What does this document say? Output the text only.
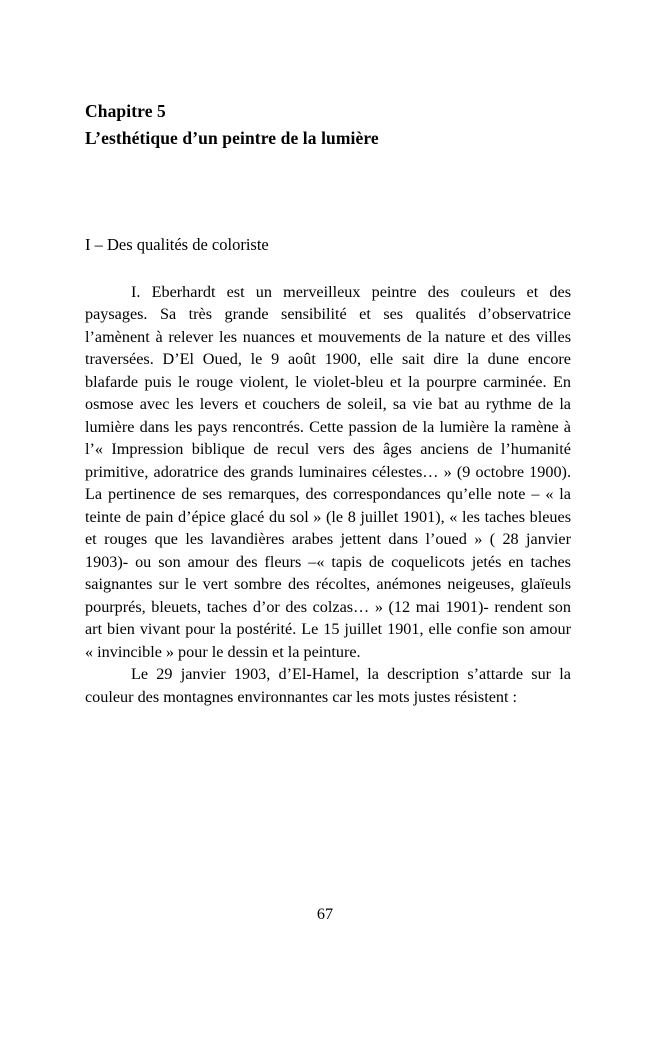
Chapitre 5
L’esthétique d’un peintre de la lumière
I – Des qualités de coloriste

I. Eberhardt est un merveilleux peintre des couleurs et des paysages. Sa très grande sensibilité et ses qualités d’observatrice l’amènent à relever les nuances et mouvements de la nature et des villes traversées. D’El Oued, le 9 août 1900, elle sait dire la dune encore blafarde puis le rouge violent, le violet-bleu et la pourpre carminée. En osmose avec les levers et couchers de soleil, sa vie bat au rythme de la lumière dans les pays rencontrés. Cette passion de la lumière la ramène à l’« Impression biblique de recul vers des âges anciens de l’humanité primitive, adoratrice des grands luminaires célestes… » (9 octobre 1900). La pertinence de ses remarques, des correspondances qu’elle note – « la teinte de pain d’épice glacé du sol » (le 8 juillet 1901), « les taches bleues et rouges que les lavandières arabes jettent dans l’oued » ( 28 janvier 1903)- ou son amour des fleurs –« tapis de coquelicots jetés en taches saignantes sur le vert sombre des récoltes, anémones neigeuses, glaïeuls pourprés, bleuets, taches d’or des colzas… » (12 mai 1901)- rendent son art bien vivant pour la postérité. Le 15 juillet 1901, elle confie son amour « invincible » pour le dessin et la peinture.

Le 29 janvier 1903, d’El-Hamel, la description s’attarde sur la couleur des montagnes environnantes car les mots justes résistent :

67
